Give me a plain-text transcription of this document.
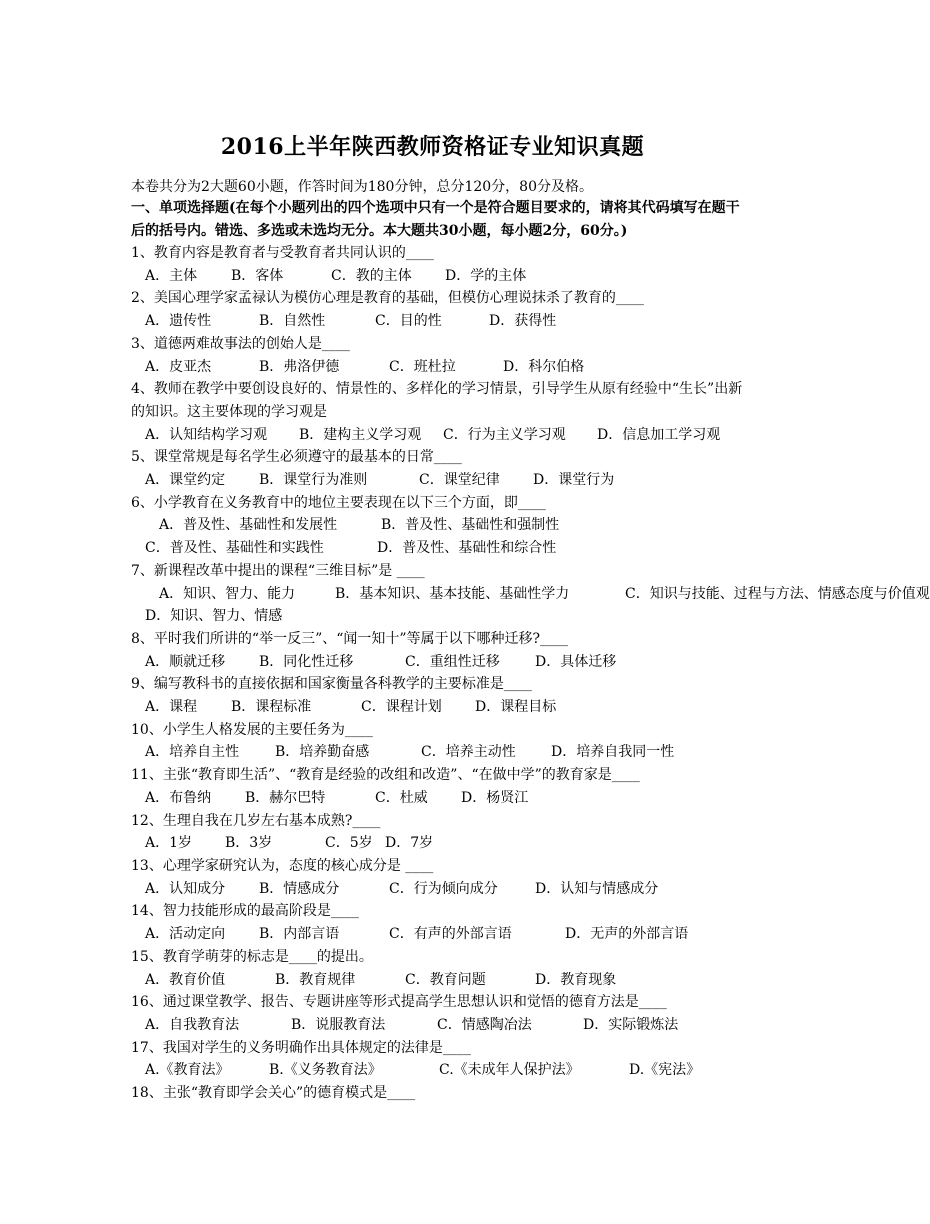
2016上半年陕西教师资格证专业知识真题
本卷共分为2大题60小题，作答时间为180分钟，总分120分，80分及格。
一、单项选择题(在每个小题列出的四个选项中只有一个是符合题目要求的，请将其代码填写在题干后的括号内。错选、多选或未选均无分。本大题共30小题，每小题2分，60分。)
1、教育内容是教育者与受教育者共同认识的____
A．主体 B．客体	C．教的主体 D．学的主体
2、美国心理学家孟禄认为模仿心理是教育的基础，但模仿心理说抹杀了教育的____
A．遗传性	B．自然性	C．目的性	D．获得性
3、道德两难故事法的创始人是____
A．皮亚杰	B．弗洛伊德	C．班杜拉	D．科尔伯格
4、教师在教学中要创设良好的、情景性的、多样化的学习情景，引导学生从原有经验中“生长”出新的知识。这主要体现的学习观是
A．认知结构学习观 B．建构主义学习观 C．行为主义学习观 D．信息加工学习观
5、课堂常规是每名学生必须遵守的最基本的日常____
A．课堂约定 B．课堂行为准则	C．课堂纪律 D．课堂行为
6、小学教育在义务教育中的地位主要表现在以下三个方面，即____
A．普及性、基础性和发展性	B．普及性、基础性和强制性C．普及性、基础性和实践性	D．普及性、基础性和综合性
7、新课程改革中提出的课程“三维目标”是 ____
A．知识、智力、能力	B．基本知识、基本技能、基础性学力	C．知识与技能、过程与方法、情感态度与价值观D．知识、智力、情感
8、平时我们所讲的“举一反三”、“闻一知十”等属于以下哪种迁移?____
A．顺就迁移 B．同化性迁移	C．重组性迁移	D．具体迁移
9、编写教科书的直接依据和国家衡量各科教学的主要标准是____
A．课程 B．课程标准	C．课程计划 D．课程目标
10、小学生人格发展的主要任务为____
A．培养自主性	B．培养勤奋感	C．培养主动性	D．培养自我同一性
11、主张“教育即生活”、“教育是经验的改组和改造”、“在做中学”的教育家是____
A．布鲁纳 B．赫尔巴特	C．杜威 D．杨贤江
12、生理自我在几岁左右基本成熟?____
A．1岁 B．3岁	C．5岁 D．7岁
13、心理学家研究认为，态度的核心成分是 ____
A．认知成分 B．情感成分	C．行为倾向成分	D．认知与情感成分
14、智力技能形成的最高阶段是____
A．活动定向 B．内部言语	C．有声的外部言语	D．无声的外部言语
15、教育学萌芽的标志是____的提出。
A．教育价值	B．教育规律	C．教育问题	D．教育现象
16、通过课堂教学、报告、专题讲座等形式提高学生思想认识和觉悟的德育方法是____
A．自我教育法	B．说服教育法	C．情感陶冶法	D．实际锻炼法
17、我国对学生的义务明确作出具体规定的法律是____
A.《教育法》	B.《义务教育法》	C.《未成年人保护法》	D.《宪法》
18、主张“教育即学会关心”的德育模式是____
